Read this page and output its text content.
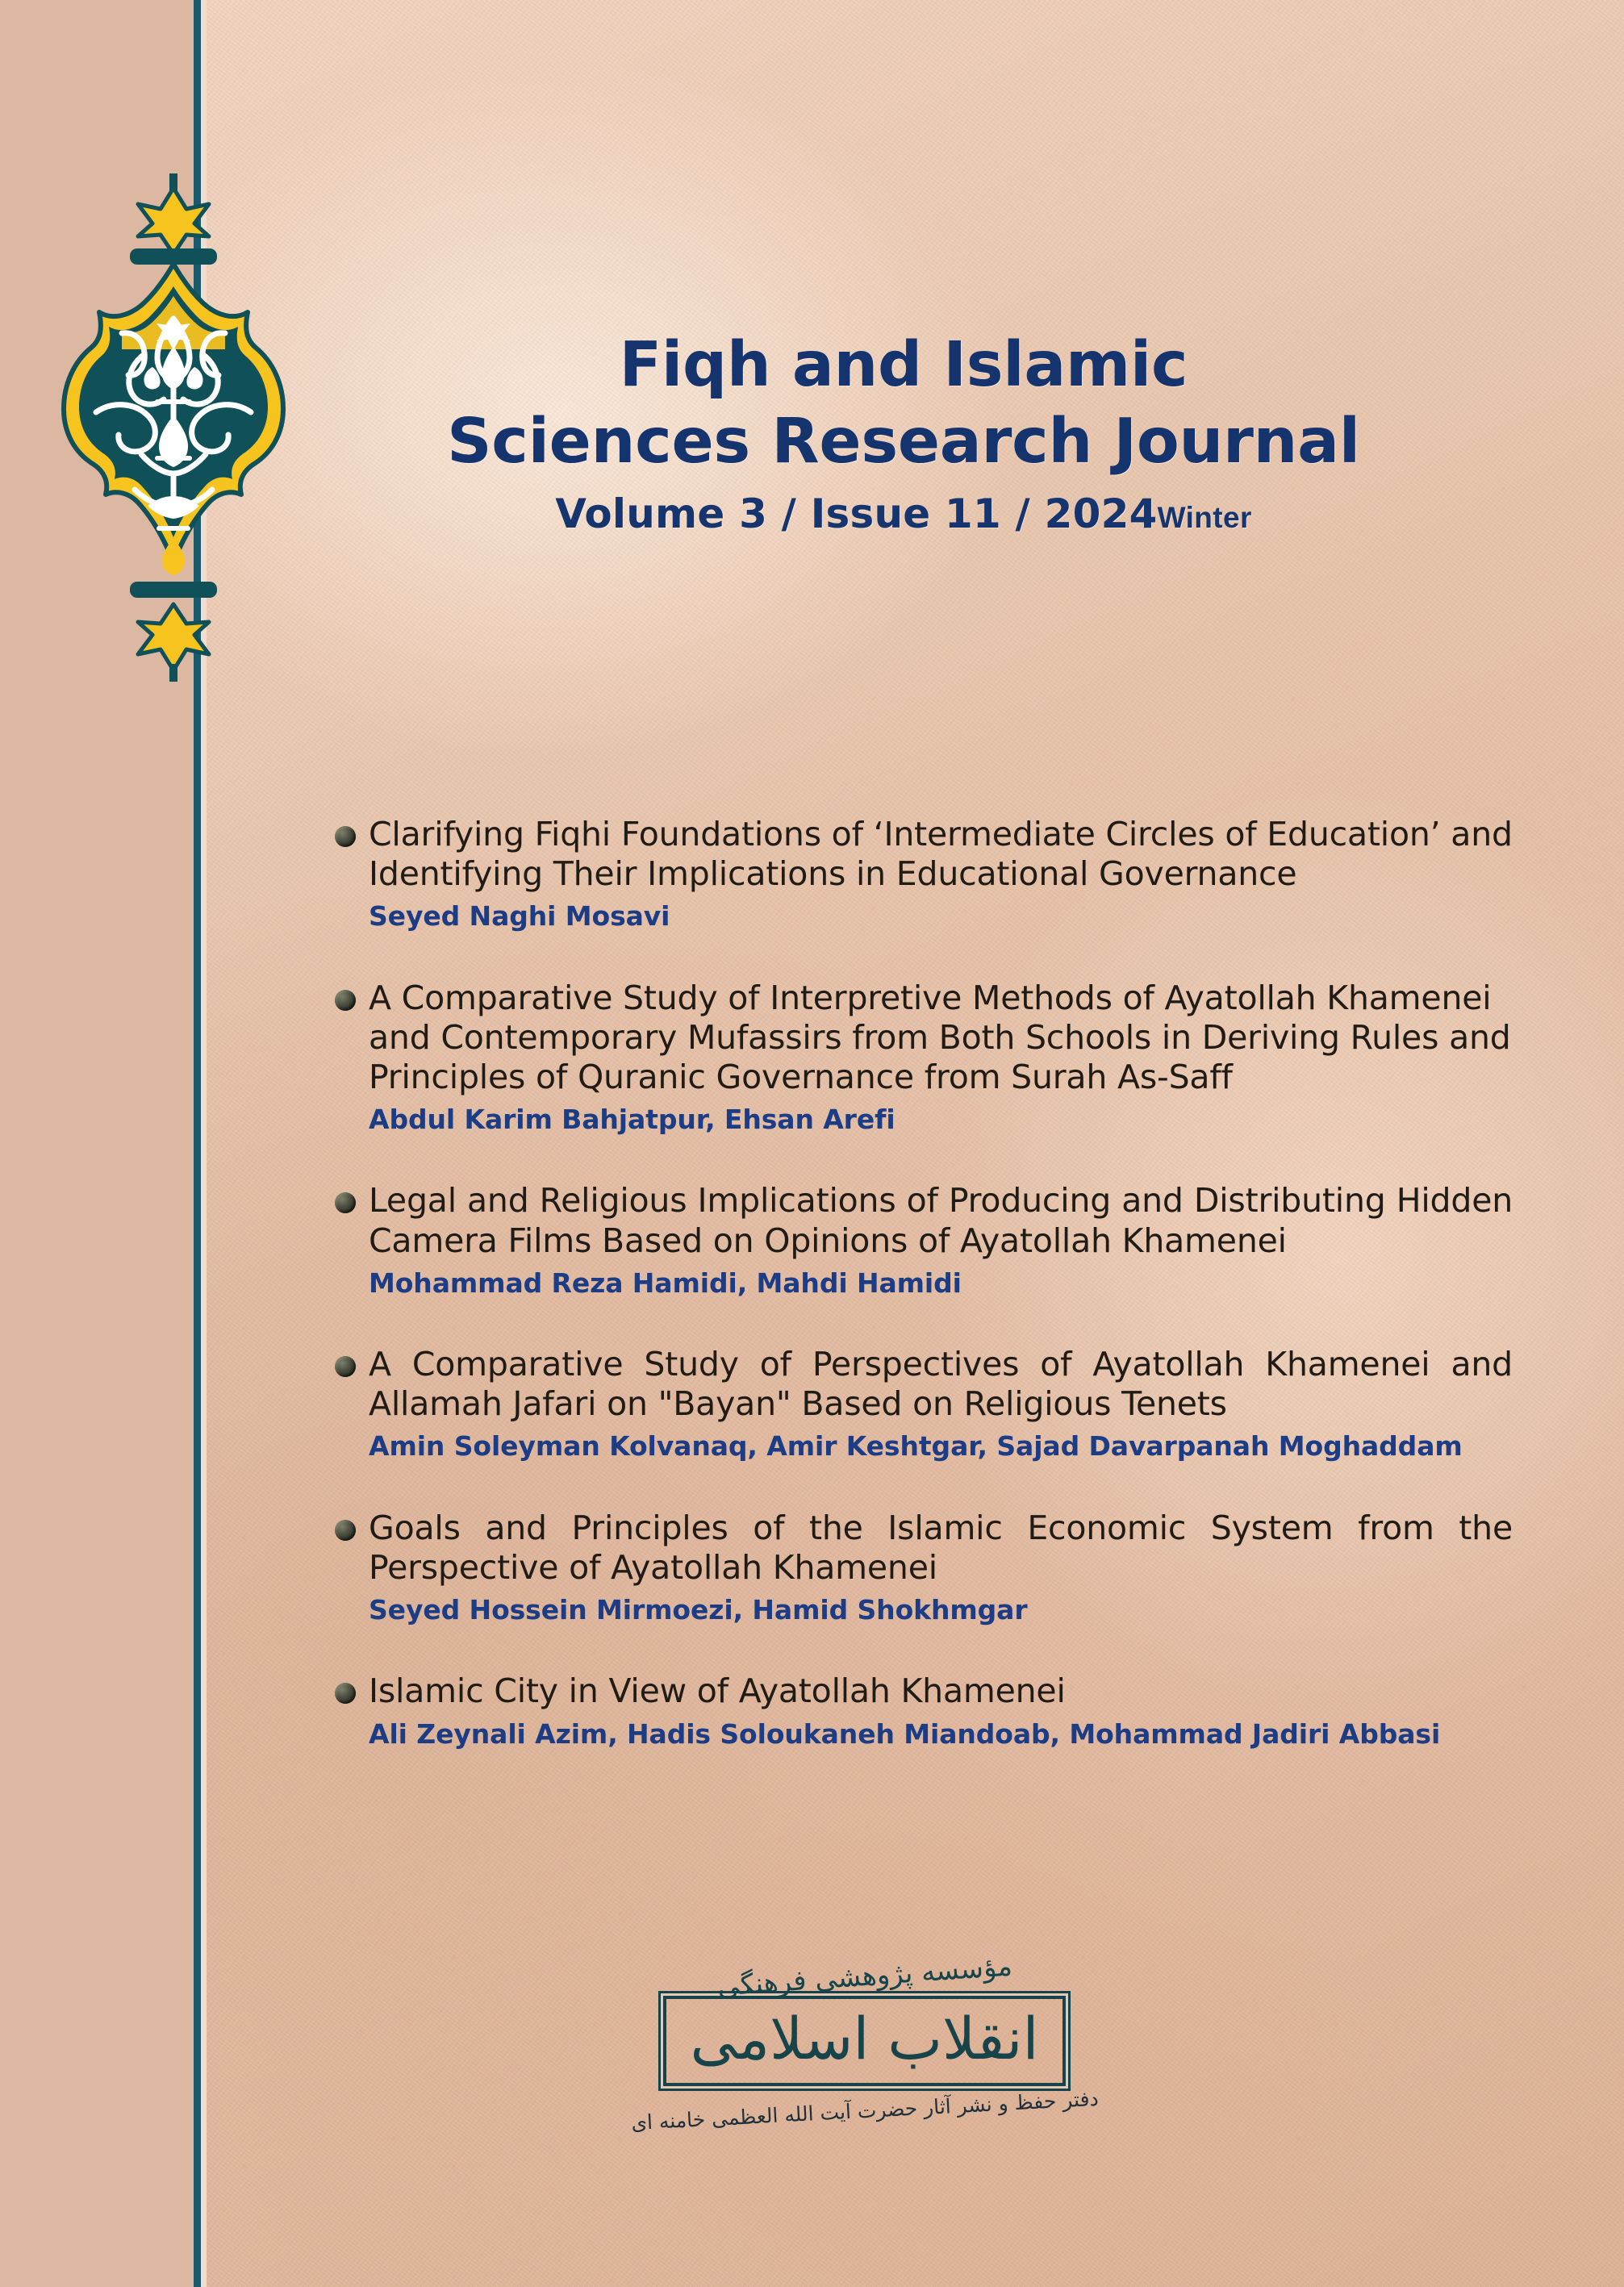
Fiqh and Islamic
Sciences Research Journal
Volume 3 / Issue 11 / 2024Winter
Clarifying Fiqhi Foundations of ‘Intermediate Circles of Education’ and Identifying Their Implications in Educational Governance
Seyed Naghi Mosavi
A Comparative Study of Interpretive Methods of Ayatollah Khamenei and Contemporary Mufassirs from Both Schools in Deriving Rules and Principles of Quranic Governance from Surah As-Saff
Abdul Karim Bahjatpur, Ehsan Arefi
Legal and Religious Implications of Producing and Distributing Hidden Camera Films Based on Opinions of Ayatollah Khamenei
Mohammad Reza Hamidi, Mahdi Hamidi
A Comparative Study of Perspectives of Ayatollah Khamenei and Allamah Jafari on "Bayan" Based on Religious Tenets
Amin Soleyman Kolvanaq, Amir Keshtgar, Sajad Davarpanah Moghaddam
Goals and Principles of the Islamic Economic System from the Perspective of Ayatollah Khamenei
Seyed Hossein Mirmoezi, Hamid Shokhmgar
Islamic City in View of Ayatollah Khamenei
Ali Zeynali Azim, Hadis Soloukaneh Miandoab, Mohammad Jadiri Abbasi
مؤسسه پژوهشی فرهنگی
انقلاب اسلامی
دفتر حفظ و نشر آثار حضرت آیت الله العظمی خامنه ای
